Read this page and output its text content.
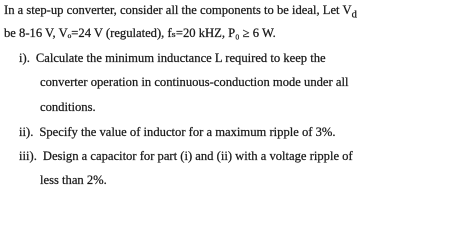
In a step-up converter, consider all the components to be ideal, Let $V_d$
be 8-16 V, Vₒ=24 V (regulated), fₛ=20 kHZ, P₀ ≥ 6 W.
i). Calculate the minimum inductance L required to keep the
converter operation in continuous-conduction mode under all
conditions.
ii). Specify the value of inductor for a maximum ripple of 3%.
iii). Design a capacitor for part (i) and (ii) with a voltage ripple of
less than 2%.
